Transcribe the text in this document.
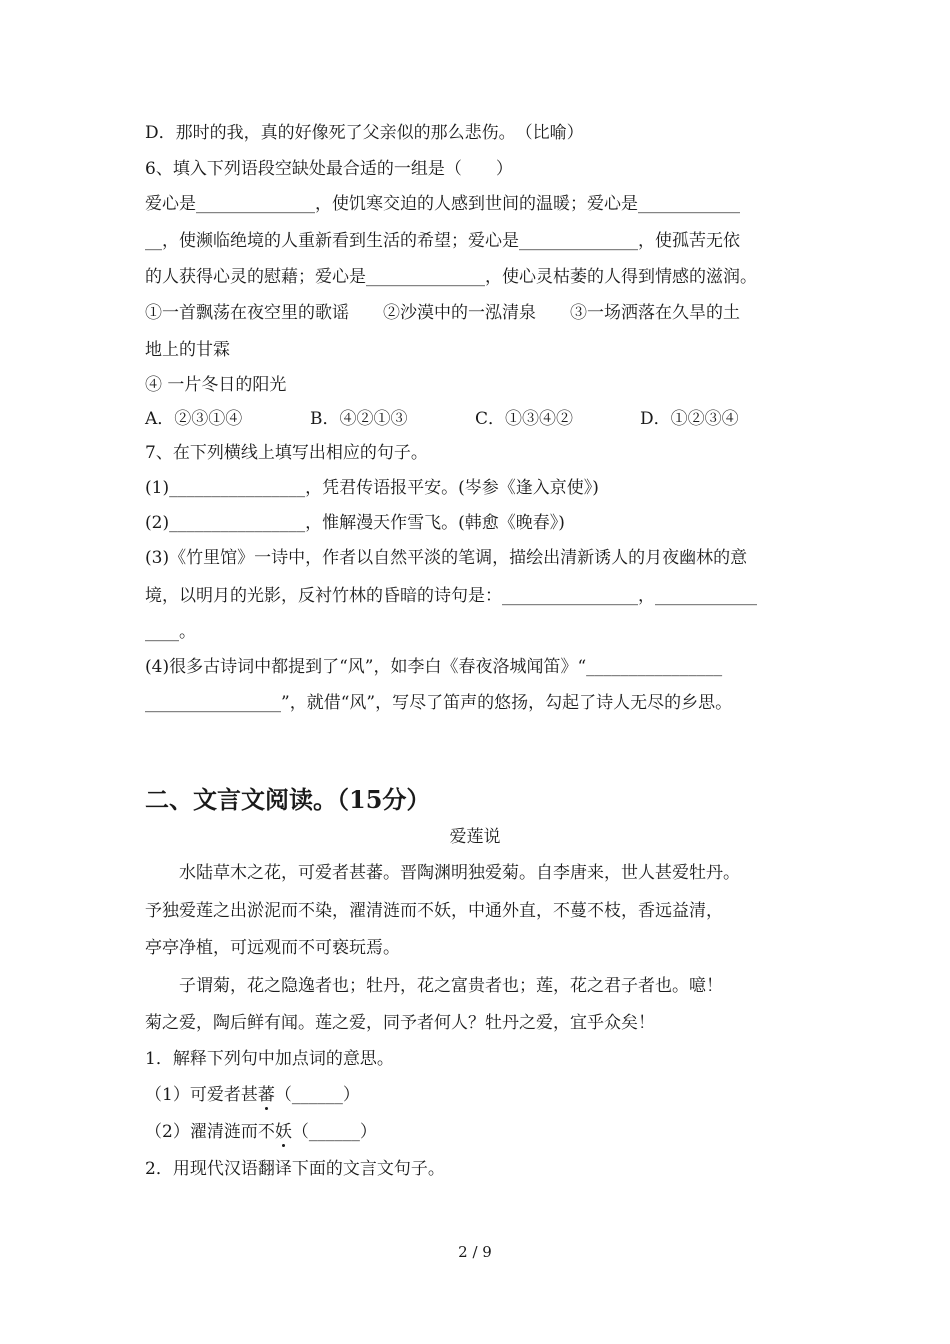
D．那时的我，真的好像死了父亲似的那么悲伤。　（比喻）
6、填入下列语段空缺处最合适的一组是（　　）
爱心是______________，使饥寒交迫的人感到世间的温暖；爱心是____________
__，使濒临绝境的人重新看到生活的希望；爱心是______________，使孤苦无依
的人获得心灵的慰藉；爱心是______________，使心灵枯萎的人得到情感的滋润。
①一首飘荡在夜空里的歌谣　　②沙漠中的一泓清泉　　③一场洒落在久旱的土
地上的甘霖
④ 一片冬日的阳光
A．②③①④	B．④②①③	C．①③④②	D．①②③④
7、在下列横线上填写出相应的句子。
(1)________________，凭君传语报平安。(岑参《逢入京使》)
(2)________________，惟解漫天作雪飞。(韩愈《晚春》)
(3)《竹里馆》一诗中，作者以自然平淡的笔调，描绘出清新诱人的月夜幽林的意
境，以明月的光影，反衬竹林的昏暗的诗句是：________________，____________
____。
(4)很多古诗词中都提到了“风”，如李白《春夜洛城闻笛》“________________
________________”，就借“风”，写尽了笛声的悠扬，勾起了诗人无尽的乡思。
二、文言文阅读。（15分）
爱莲说
　　水陆草木之花，可爱者甚蕃。晋陶渊明独爱菊。自李唐来，世人甚爱牡丹。
予独爱莲之出淤泥而不染，濯清涟而不妖，中通外直，不蔓不枝，香远益清，
亭亭净植，可远观而不可亵玩焉。
　　子谓菊，花之隐逸者也；牡丹，花之富贵者也；莲，花之君子者也。噫！
菊之爱，陶后鲜有闻。莲之爱，同予者何人？牡丹之爱，宜乎众矣！
1．解释下列句中加点词的意思。
（1）可爱者甚蕃（______）
（2）濯清涟而不妖（______）
2．用现代汉语翻译下面的文言文句子。
2 / 9
